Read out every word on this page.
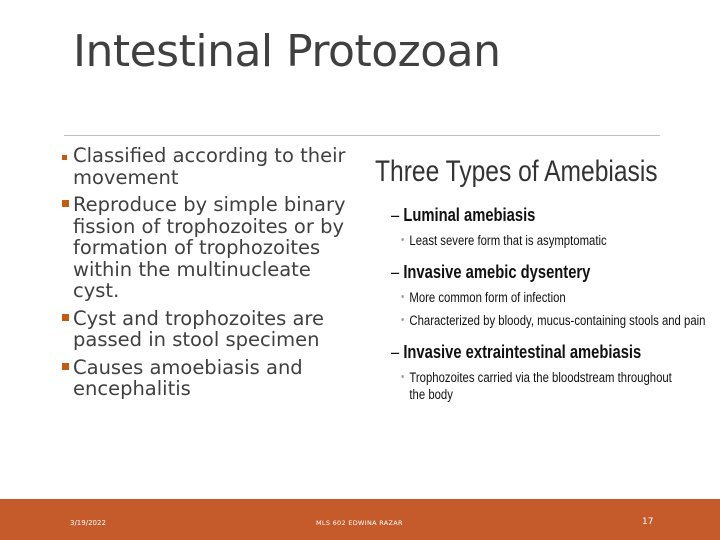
Intestinal Protozoan
Classified according to their movement
Reproduce by simple binary fission of trophozoites or by formation of trophozoites within the multinucleate cyst.
Cyst and trophozoites are passed in stool specimen
Causes amoebiasis and encephalitis
Three Types of Amebiasis
– Luminal amebiasis
• Least severe form that is asymptomatic
– Invasive amebic dysentery
• More common form of infection
• Characterized by bloody, mucus-containing stools and pain
– Invasive extraintestinal amebiasis
• Trophozoites carried via the bloodstream throughout the body
3/19/2022	MLS 602 EDWINA RAZAR	17
